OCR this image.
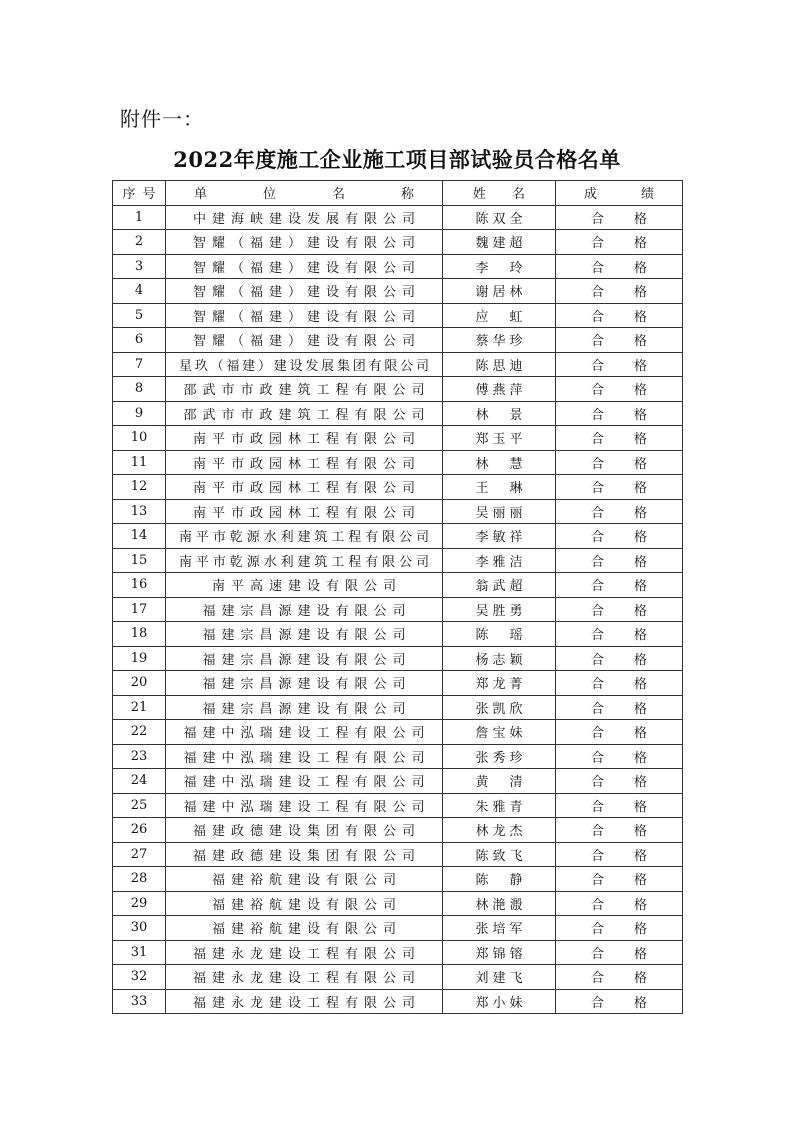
附件一：
2022年度施工企业施工项目部试验员合格名单
序 号	单 位 名 称	姓 名	成 绩

1	中建海峡建设发展有限公司	陈双全	合格
2	智耀（福建）建设有限公司	魏建超	合格
3	智耀（福建）建设有限公司	李　玲	合格
4	智耀（福建）建设有限公司	谢居林	合格
5	智耀（福建）建设有限公司	应　虹	合格
6	智耀（福建）建设有限公司	蔡华珍	合格
7	星玖（福建）建设发展集团有限公司	陈思迪	合格
8	邵武市市政建筑工程有限公司	傅燕萍	合格
9	邵武市市政建筑工程有限公司	林　景	合格
10	南平市政园林工程有限公司	郑玉平	合格
11	南平市政园林工程有限公司	林　慧	合格
12	南平市政园林工程有限公司	王　琳	合格
13	南平市政园林工程有限公司	吴丽丽	合格
14	南平市乾源水利建筑工程有限公司	李敏祥	合格
15	南平市乾源水利建筑工程有限公司	李雅洁	合格
16	南平高速建设有限公司	翁武超	合格
17	福建宗昌源建设有限公司	吴胜勇	合格
18	福建宗昌源建设有限公司	陈　瑶	合格
19	福建宗昌源建设有限公司	杨志颖	合格
20	福建宗昌源建设有限公司	郑龙菁	合格
21	福建宗昌源建设有限公司	张凯欣	合格
22	福建中泓瑞建设工程有限公司	詹宝妹	合格
23	福建中泓瑞建设工程有限公司	张秀珍	合格
24	福建中泓瑞建设工程有限公司	黄　清	合格
25	福建中泓瑞建设工程有限公司	朱雅青	合格
26	福建政德建设集团有限公司	林龙杰	合格
27	福建政德建设集团有限公司	陈致飞	合格
28	福建裕航建设有限公司	陈　静	合格
29	福建裕航建设有限公司	林滟溵	合格
30	福建裕航建设有限公司	张培军	合格
31	福建永龙建设工程有限公司	郑锦镕	合格
32	福建永龙建设工程有限公司	刘建飞	合格
33	福建永龙建设工程有限公司	郑小妹	合格
